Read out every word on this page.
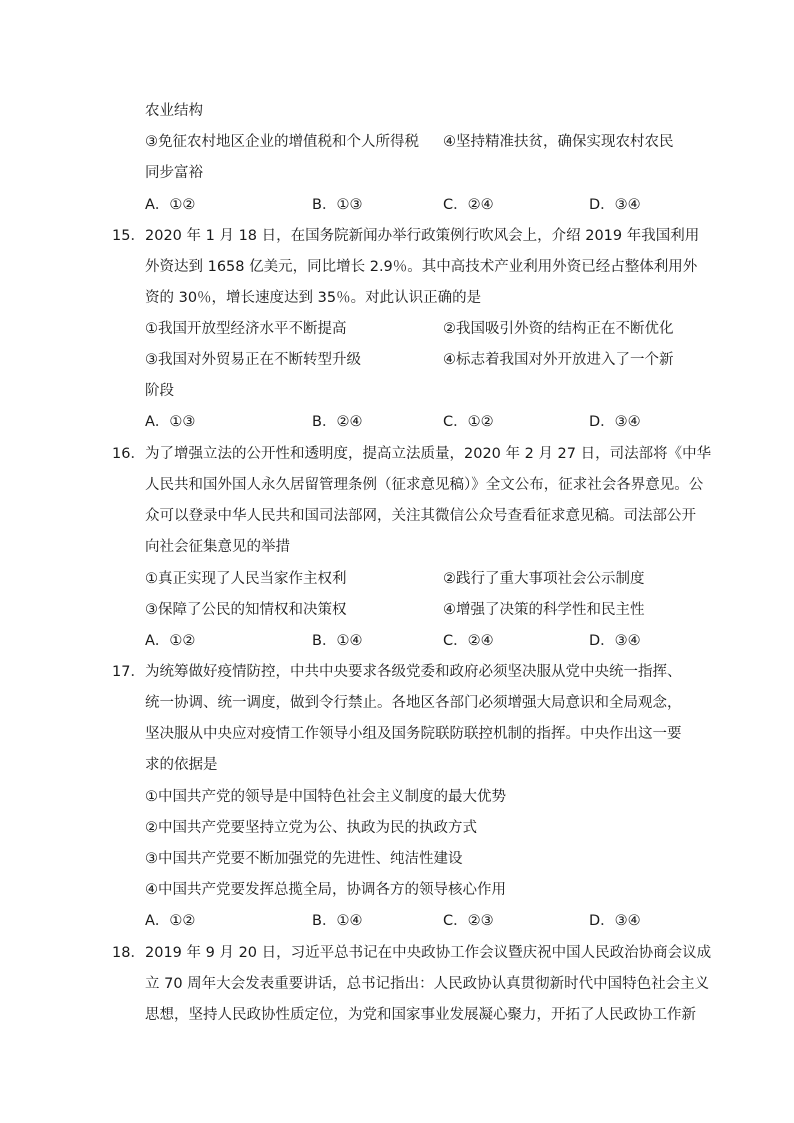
农业结构
③免征农村地区企业的增值税和个人所得税 ④坚持精准扶贫，确保实现农村农民
同步富裕
A．①②	B．①③	C．②④	D．③④
15．2020 年 1 月 18 日，在国务院新闻办举行政策例行吹风会上，介绍 2019 年我国利用
外资达到 1658 亿美元，同比增长 2.9％。其中高技术产业利用外资已经占整体利用外
资的 30％，增长速度达到 35％。对此认识正确的是
①我国开放型经济水平不断提高	②我国吸引外资的结构正在不断优化
③我国对外贸易正在不断转型升级	④标志着我国对外开放进入了一个新
阶段
A．①③	B．②④	C．①②	D．③④
16．为了增强立法的公开性和透明度，提高立法质量，2020 年 2 月 27 日，司法部将《中华
人民共和国外国人永久居留管理条例（征求意见稿）》全文公布，征求社会各界意见。公
众可以登录中华人民共和国司法部网，关注其微信公众号查看征求意见稿。司法部公开
向社会征集意见的举措
①真正实现了人民当家作主权利	②践行了重大事项社会公示制度
③保障了公民的知情权和决策权	④增强了决策的科学性和民主性
A．①②	B．①④	C．②④	D．③④
17．为统筹做好疫情防控，中共中央要求各级党委和政府必须坚决服从党中央统一指挥、
统一协调、统一调度，做到令行禁止。各地区各部门必须增强大局意识和全局观念，
坚决服从中央应对疫情工作领导小组及国务院联防联控机制的指挥。中央作出这一要
求的依据是
①中国共产党的领导是中国特色社会主义制度的最大优势
②中国共产党要坚持立党为公、执政为民的执政方式
③中国共产党要不断加强党的先进性、纯洁性建设
④中国共产党要发挥总揽全局，协调各方的领导核心作用
A．①②	B．①④	C．②③	D．③④
18．2019 年 9 月 20 日，习近平总书记在中央政协工作会议暨庆祝中国人民政治协商会议成
立 70 周年大会发表重要讲话，总书记指出：人民政协认真贯彻新时代中国特色社会主义
思想，坚持人民政协性质定位，为党和国家事业发展凝心聚力，开拓了人民政协工作新
